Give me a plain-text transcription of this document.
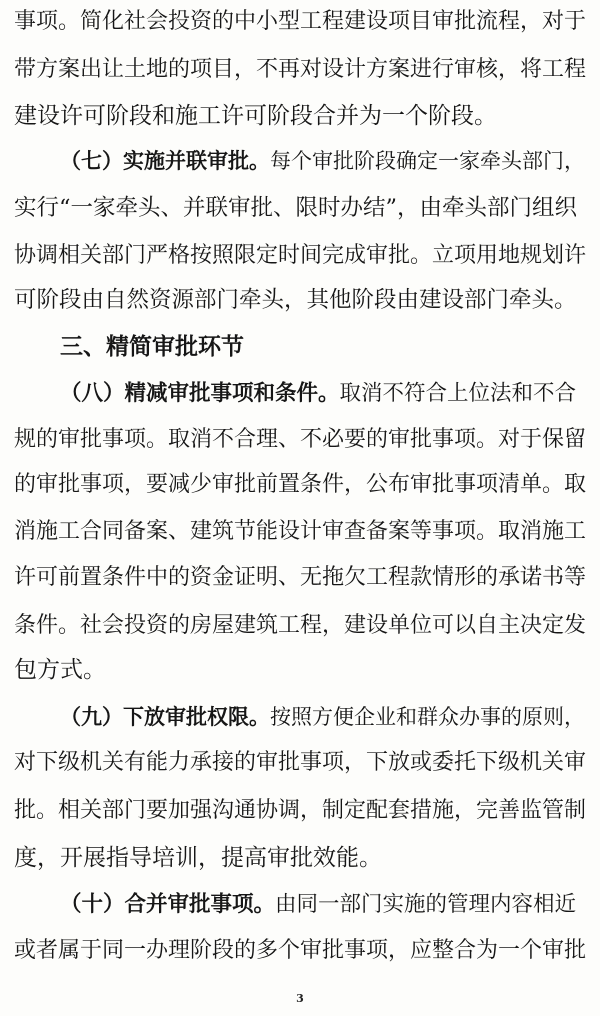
事项。简化社会投资的中小型工程建设项目审批流程，对于
带方案出让土地的项目，不再对设计方案进行审核，将工程
建设许可阶段和施工许可阶段合并为一个阶段。
（七）实施并联审批。每个审批阶段确定一家牵头部门，
实行“一家牵头、并联审批、限时办结”，由牵头部门组织
协调相关部门严格按照限定时间完成审批。立项用地规划许
可阶段由自然资源部门牵头，其他阶段由建设部门牵头。
三、精简审批环节
（八）精减审批事项和条件。取消不符合上位法和不合
规的审批事项。取消不合理、不必要的审批事项。对于保留
的审批事项，要减少审批前置条件，公布审批事项清单。取
消施工合同备案、建筑节能设计审查备案等事项。取消施工
许可前置条件中的资金证明、无拖欠工程款情形的承诺书等
条件。社会投资的房屋建筑工程，建设单位可以自主决定发
包方式。
（九）下放审批权限。按照方便企业和群众办事的原则，
对下级机关有能力承接的审批事项，下放或委托下级机关审
批。相关部门要加强沟通协调，制定配套措施，完善监管制
度，开展指导培训，提高审批效能。
（十）合并审批事项。由同一部门实施的管理内容相近
或者属于同一办理阶段的多个审批事项，应整合为一个审批
3
